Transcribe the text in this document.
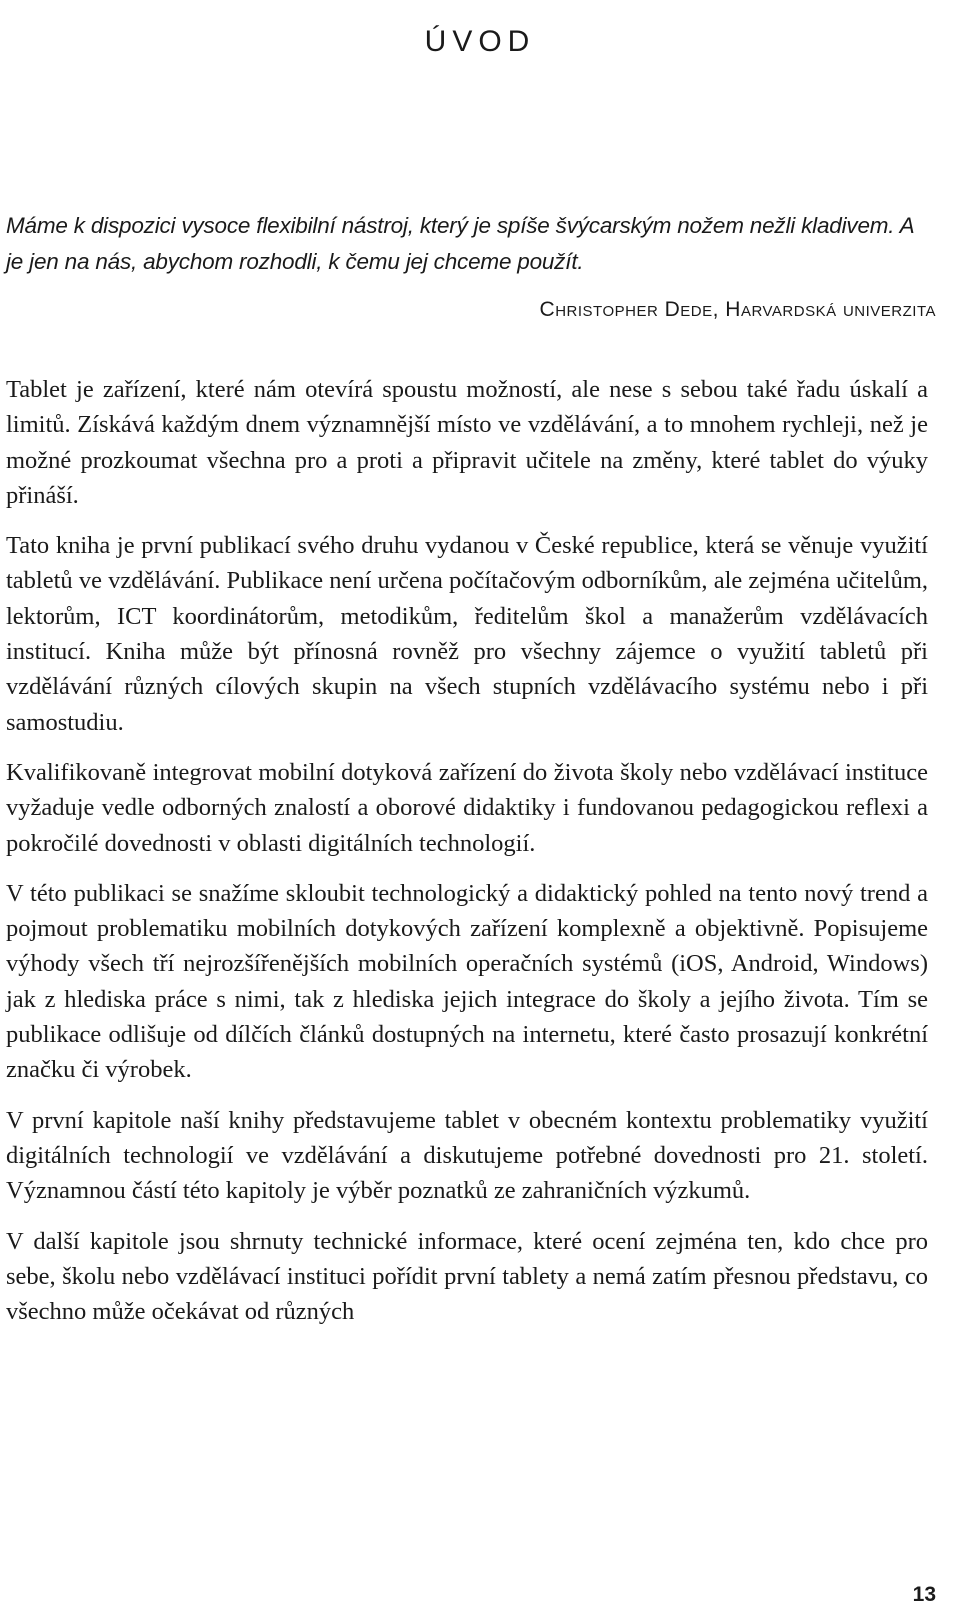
ÚVOD

Máme k dispozici vysoce flexibilní nástroj, který je spíše švýcarským nožem nežli kladivem. A je jen na nás, abychom rozhodli, k čemu jej chceme použít.

Christopher Dede, Harvardská univerzita

Tablet je zařízení, které nám otevírá spoustu možností, ale nese s sebou také řadu úskalí a limitů. Získává každým dnem významnější místo ve vzdělávání, a to mnohem rychleji, než je možné prozkoumat všechna pro a proti a připravit učitele na změny, které tablet do výuky přináší.

Tato kniha je první publikací svého druhu vydanou v České republice, která se věnuje využití tabletů ve vzdělávání. Publikace není určena počítačovým odborníkům, ale zejména učitelům, lektorům, ICT koordinátorům, metodikům, ředitelům škol a manažerům vzdělávacích institucí. Kniha může být přínosná rovněž pro všechny zájemce o využití tabletů při vzdělávání různých cílových skupin na všech stupních vzdělávacího systému nebo i při samostudiu.

Kvalifikovaně integrovat mobilní dotyková zařízení do života školy nebo vzdělávací instituce vyžaduje vedle odborných znalostí a oborové didaktiky i fundovanou pedagogickou reflexi a pokročilé dovednosti v oblasti digitálních technologií.

V této publikaci se snažíme skloubit technologický a didaktický pohled na tento nový trend a pojmout problematiku mobilních dotykových zařízení komplexně a objektivně. Popisujeme výhody všech tří nejrozšířenějších mobilních operačních systémů (iOS, Android, Windows) jak z hlediska práce s nimi, tak z hlediska jejich integrace do školy a jejího života. Tím se publikace odlišuje od dílčích článků dostupných na internetu, které často prosazují konkrétní značku či výrobek.

V první kapitole naší knihy představujeme tablet v obecném kontextu problematiky využití digitálních technologií ve vzdělávání a diskutujeme potřebné dovednosti pro 21. století. Významnou částí této kapitoly je výběr poznatků ze zahraničních výzkumů.

V další kapitole jsou shrnuty technické informace, které ocení zejména ten, kdo chce pro sebe, školu nebo vzdělávací instituci pořídit první tablety a nemá zatím přesnou představu, co všechno může očekávat od různých

13
